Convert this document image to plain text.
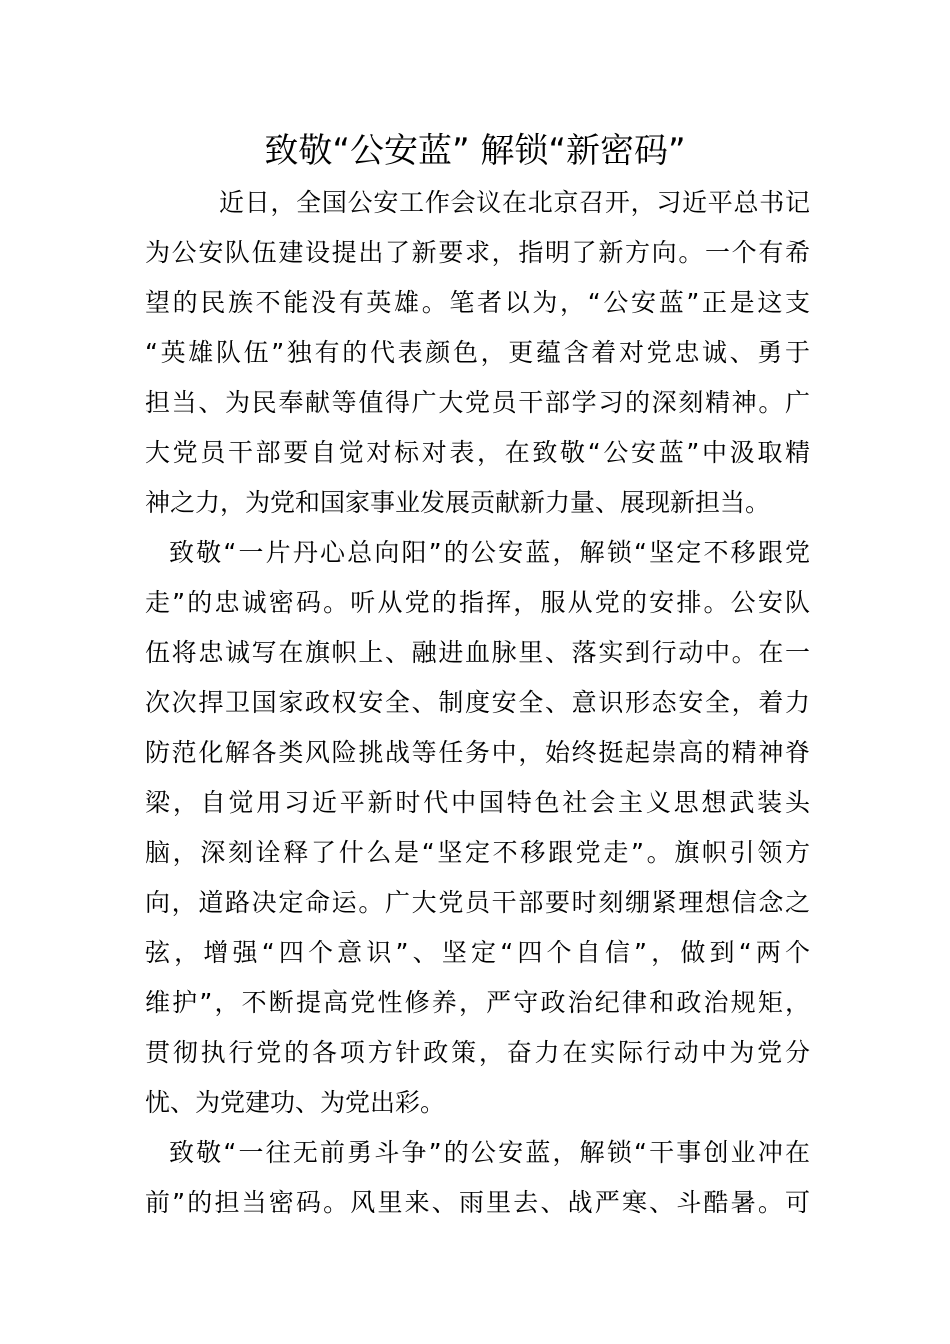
致敬“公安蓝” 解锁“新密码”
近日，全国公安工作会议在北京召开，习近平总书记
为公安队伍建设提出了新要求，指明了新方向。一个有希
望的民族不能没有英雄。笔者以为，“公安蓝”正是这支
“英雄队伍”独有的代表颜色，更蕴含着对党忠诚、勇于
担当、为民奉献等值得广大党员干部学习的深刻精神。广
大党员干部要自觉对标对表，在致敬“公安蓝”中汲取精
神之力，为党和国家事业发展贡献新力量、展现新担当。
致敬“一片丹心总向阳”的公安蓝，解锁“坚定不移跟党
走”的忠诚密码。听从党的指挥，服从党的安排。公安队
伍将忠诚写在旗帜上、融进血脉里、落实到行动中。在一
次次捍卫国家政权安全、制度安全、意识形态安全，着力
防范化解各类风险挑战等任务中，始终挺起崇高的精神脊
梁，自觉用习近平新时代中国特色社会主义思想武装头
脑，深刻诠释了什么是“坚定不移跟党走”。旗帜引领方
向，道路决定命运。广大党员干部要时刻绷紧理想信念之
弦，增强“四个意识”、坚定“四个自信”，做到“两个
维护”，不断提高党性修养，严守政治纪律和政治规矩，
贯彻执行党的各项方针政策，奋力在实际行动中为党分
忧、为党建功、为党出彩。
致敬“一往无前勇斗争”的公安蓝，解锁“干事创业冲在
前”的担当密码。风里来、雨里去、战严寒、斗酷暑。可
